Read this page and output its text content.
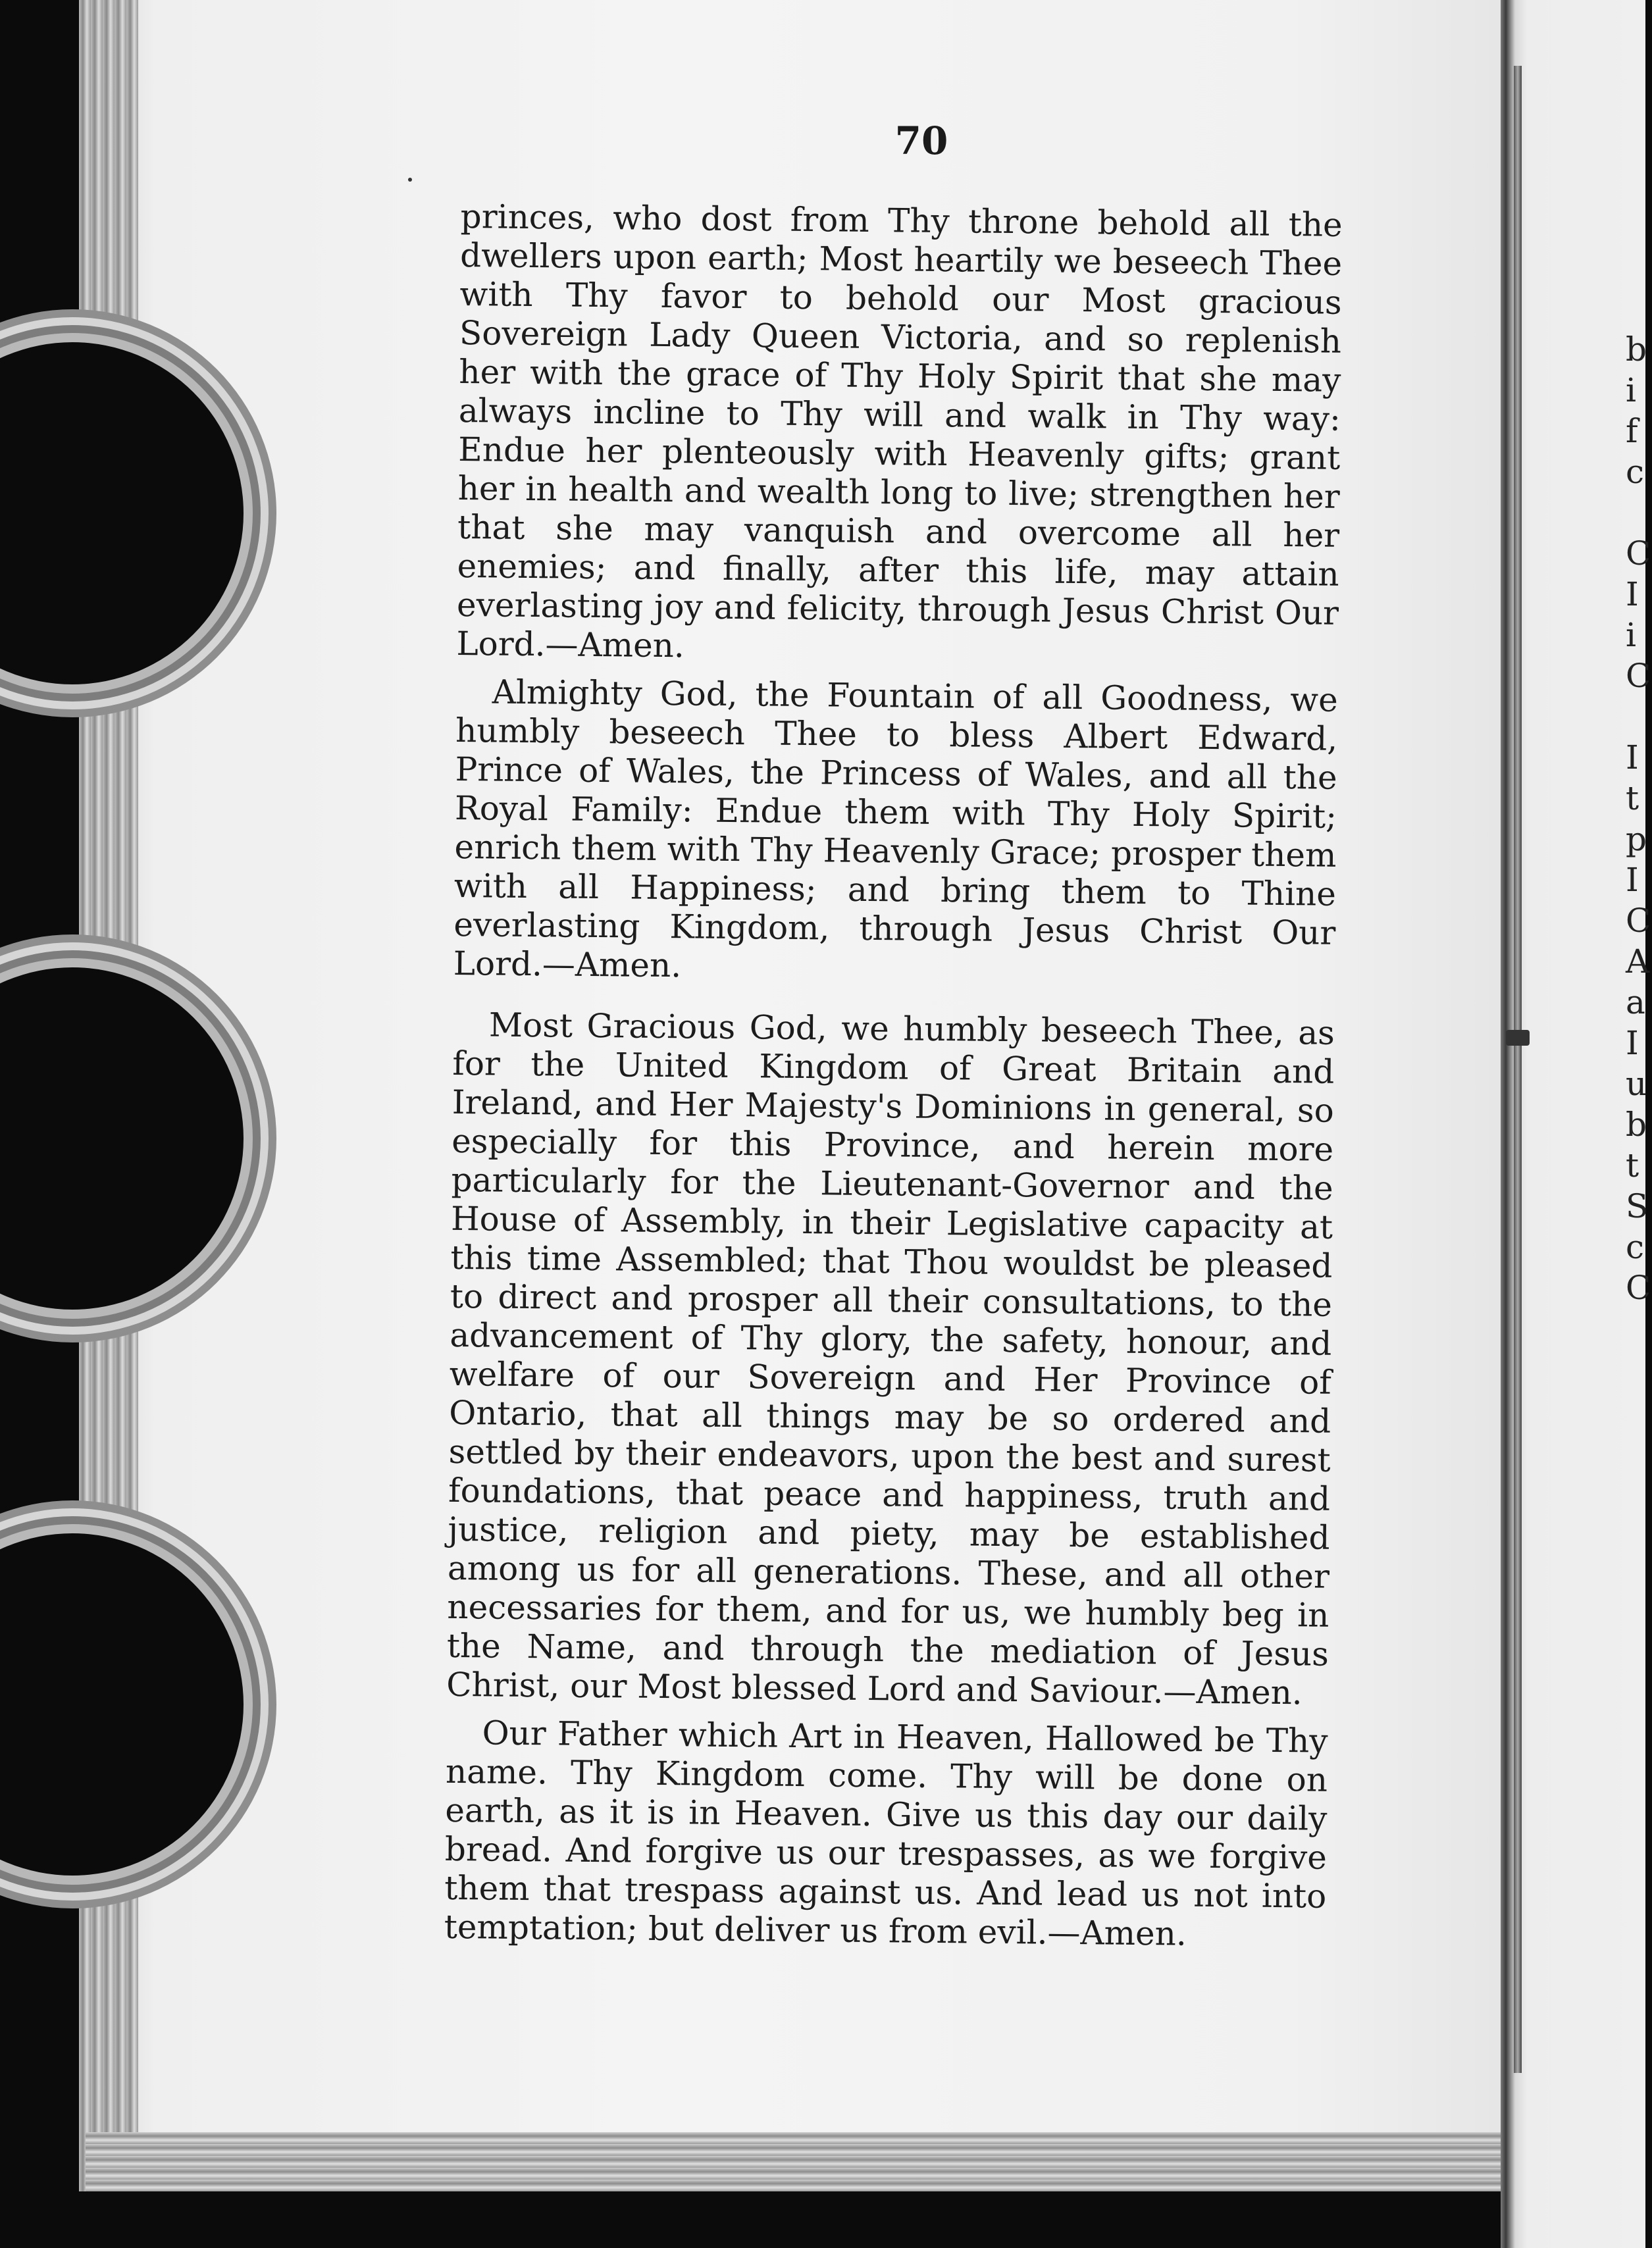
b
i
f
c

C
I
i
C

I
t
p
I
C
A
a
I
u
b
t
S
c
C
70

princes, who dost from Thy throne behold all the dwellers upon earth; Most heartily we beseech Thee with Thy favor to behold our Most gracious Sovereign Lady Queen Victoria, and so replenish her with the grace of Thy Holy Spirit that she may always incline to Thy will and walk in Thy way: Endue her plenteously with Heavenly gifts; grant her in health and wealth long to live; strengthen her that she may vanquish and overcome all her enemies; and finally, after this life, may attain everlasting joy and felicity, through Jesus Christ Our Lord.—Amen.

Almighty God, the Fountain of all Goodness, we humbly beseech Thee to bless Albert Edward, Prince of Wales, the Princess of Wales, and all the Royal Family: Endue them with Thy Holy Spirit; enrich them with Thy Heavenly Grace; prosper them with all Happiness; and bring them to Thine everlasting Kingdom, through Jesus Christ Our Lord.—Amen.

Most Gracious God, we humbly beseech Thee, as for the United Kingdom of Great Britain and Ireland, and Her Majesty's Dominions in general, so especially for this Province, and herein more particularly for the Lieutenant-Governor and the House of Assembly, in their Legislative capacity at this time Assembled; that Thou wouldst be pleased to direct and prosper all their consultations, to the advancement of Thy glory, the safety, honour, and welfare of our Sovereign and Her Province of Ontario, that all things may be so ordered and settled by their endeavors, upon the best and surest foundations, that peace and happiness, truth and justice, religion and piety, may be established among us for all generations. These, and all other necessaries for them, and for us, we humbly beg in the Name, and through the mediation of Jesus Christ, our Most blessed Lord and Saviour.—Amen.

Our Father which Art in Heaven, Hallowed be Thy name. Thy Kingdom come. Thy will be done on earth, as it is in Heaven. Give us this day our daily bread. And forgive us our trespasses, as we forgive them that trespass against us. And lead us not into temptation; but deliver us from evil.—Amen.
